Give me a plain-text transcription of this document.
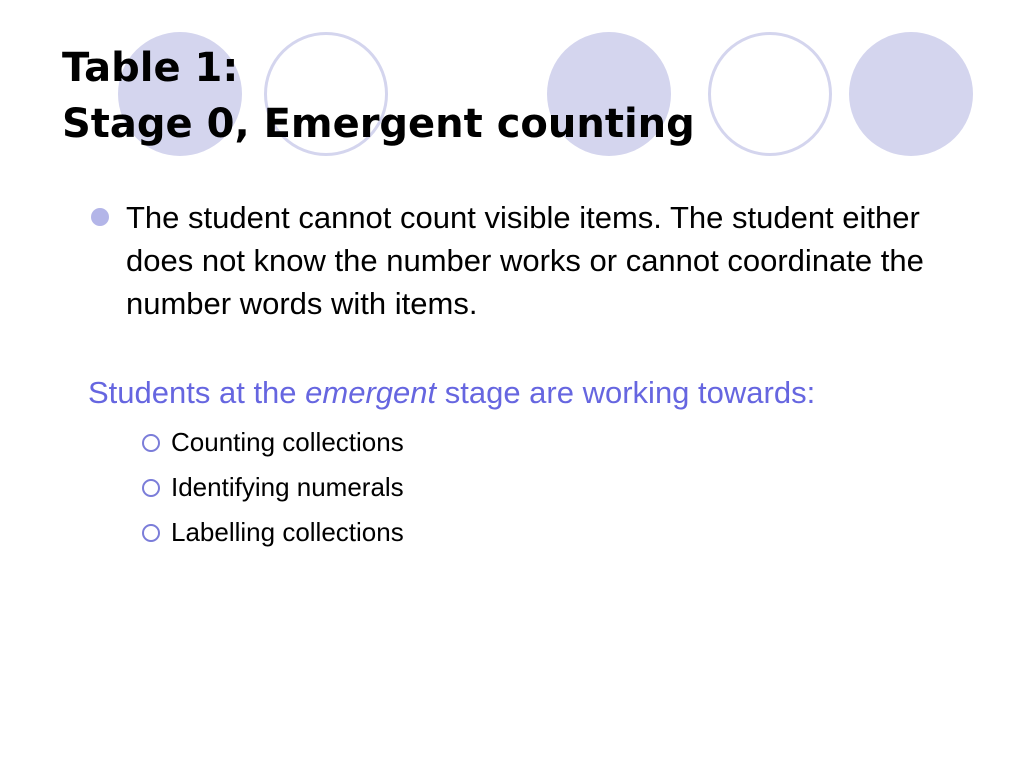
Table 1:
Stage 0, Emergent counting

The student cannot count visible items. The student either does not know the number works or cannot coordinate the number words with items.

Students at the emergent stage are working towards:

Counting collections
Identifying numerals
Labelling collections
